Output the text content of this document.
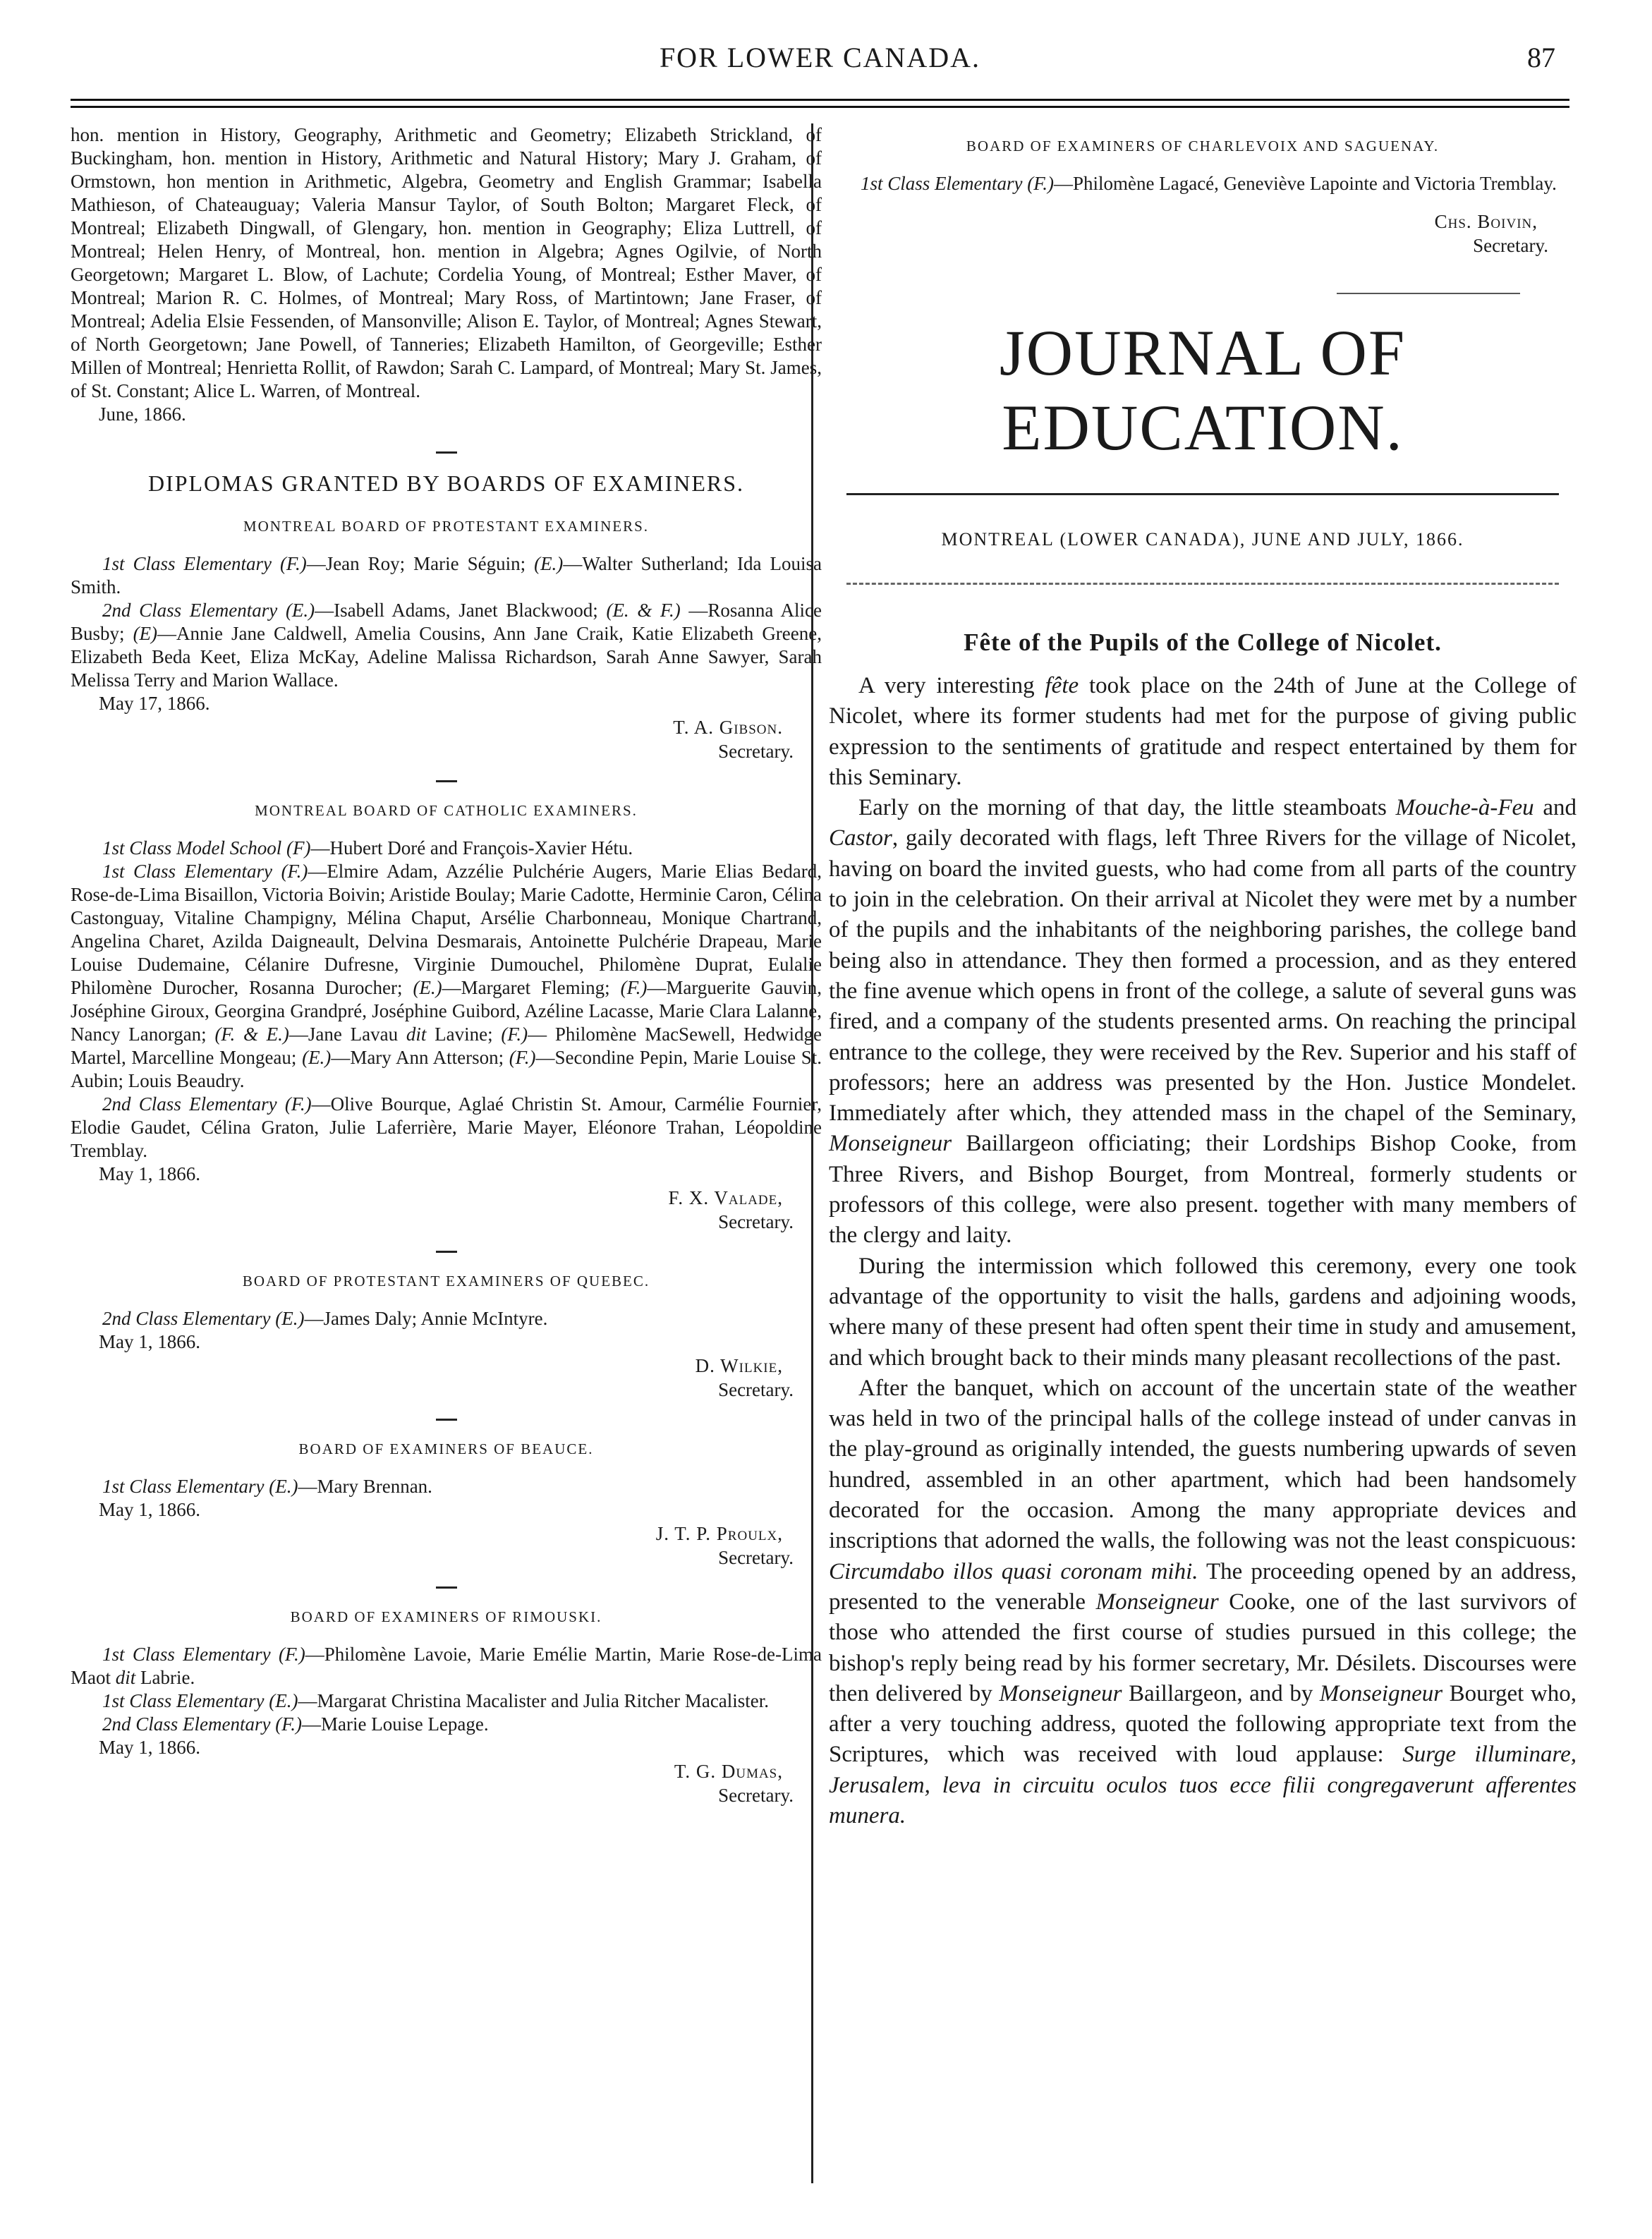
FOR LOWER CANADA.	87

hon. mention in History, Geography, Arithmetic and Geometry; Elizabeth Strickland, of Buckingham, hon. mention in History, Arithmetic and Natural History; Mary J. Graham, of Ormstown, hon mention in Arithmetic, Algebra, Geometry and English Grammar; Isabella Mathieson, of Chateauguay; Valeria Mansur Taylor, of South Bolton; Margaret Fleck, of Montreal; Elizabeth Dingwall, of Glengary, hon. mention in Geography; Eliza Luttrell, of Montreal; Helen Henry, of Montreal, hon. mention in Algebra; Agnes Ogilvie, of North Georgetown; Margaret L. Blow, of Lachute; Cordelia Young, of Montreal; Esther Maver, of Montreal; Marion R. C. Holmes, of Montreal; Mary Ross, of Martintown; Jane Fraser, of Montreal; Adelia Elsie Fessenden, of Mansonville; Alison E. Taylor, of Montreal; Agnes Stewart, of North Georgetown; Jane Powell, of Tanneries; Elizabeth Hamilton, of Georgeville; Esther Millen of Montreal; Henrietta Rollit, of Rawdon; Sarah C. Lampard, of Montreal; Mary St. James, of St. Constant; Alice L. Warren, of Montreal.

June, 1866.

DIPLOMAS GRANTED BY BOARDS OF EXAMINERS.
MONTREAL BOARD OF PROTESTANT EXAMINERS.

1st Class Elementary (F.)—Jean Roy; Marie Séguin; (E.)—Walter Sutherland; Ida Louisa Smith.

2nd Class Elementary (E.)—Isabell Adams, Janet Blackwood; (E. & F.) —Rosanna Alice Busby; (E)—Annie Jane Caldwell, Amelia Cousins, Ann Jane Craik, Katie Elizabeth Greene, Elizabeth Beda Keet, Eliza McKay, Adeline Malissa Richardson, Sarah Anne Sawyer, Sarah Melissa Terry and Marion Wallace.

May 17, 1866.

T. A. Gibson.

Secretary.

MONTREAL BOARD OF CATHOLIC EXAMINERS.

1st Class Model School (F)—Hubert Doré and François-Xavier Hétu.

1st Class Elementary (F.)—Elmire Adam, Azzélie Pulchérie Augers, Marie Elias Bedard, Rose-de-Lima Bisaillon, Victoria Boivin; Aristide Boulay; Marie Cadotte, Herminie Caron, Célina Castonguay, Vitaline Champigny, Mélina Chaput, Arsélie Charbonneau, Monique Chartrand, Angelina Charet, Azilda Daigneault, Delvina Desmarais, Antoinette Pulchérie Drapeau, Marie Louise Dudemaine, Célanire Dufresne, Virginie Dumouchel, Philomène Duprat, Eulalie Philomène Durocher, Rosanna Durocher; (E.)—Margaret Fleming; (F.)—Marguerite Gauvin, Joséphine Giroux, Georgina Grandpré, Joséphine Guibord, Azéline Lacasse, Marie Clara Lalanne, Nancy Lanorgan; (F. & E.)—Jane Lavau dit Lavine; (F.)— Philomène MacSewell, Hedwidge Martel, Marcelline Mongeau; (E.)—Mary Ann Atterson; (F.)—Secondine Pepin, Marie Louise St. Aubin; Louis Beaudry.

2nd Class Elementary (F.)—Olive Bourque, Aglaé Christin St. Amour, Carmélie Fournier, Elodie Gaudet, Célina Graton, Julie Laferrière, Marie Mayer, Eléonore Trahan, Léopoldine Tremblay.

May 1, 1866.

F. X. Valade,

Secretary.

BOARD OF PROTESTANT EXAMINERS OF QUEBEC.

2nd Class Elementary (E.)—James Daly; Annie McIntyre.

May 1, 1866.

D. Wilkie,

Secretary.

BOARD OF EXAMINERS OF BEAUCE.

1st Class Elementary (E.)—Mary Brennan.

May 1, 1866.

J. T. P. Proulx,

Secretary.

BOARD OF EXAMINERS OF RIMOUSKI.

1st Class Elementary (F.)—Philomène Lavoie, Marie Emélie Martin, Marie Rose-de-Lima Maot dit Labrie.

1st Class Elementary (E.)—Margarat Christina Macalister and Julia Ritcher Macalister.

2nd Class Elementary (F.)—Marie Louise Lepage.

May 1, 1866.

T. G. Dumas,

Secretary.

BOARD OF EXAMINERS OF CHARLEVOIX AND SAGUENAY.

1st Class Elementary (F.)—Philomène Lagacé, Geneviève Lapointe and Victoria Tremblay.

Chs. Boivin,

Secretary.

JOURNAL OF EDUCATION.
MONTREAL (LOWER CANADA), JUNE AND JULY, 1866.
Fête of the Pupils of the College of Nicolet.

A very interesting fête took place on the 24th of June at the College of Nicolet, where its former students had met for the purpose of giving public expression to the sentiments of gratitude and respect entertained by them for this Seminary.

Early on the morning of that day, the little steamboats Mouche-à-Feu and Castor, gaily decorated with flags, left Three Rivers for the village of Nicolet, having on board the invited guests, who had come from all parts of the country to join in the celebration. On their arrival at Nicolet they were met by a number of the pupils and the inhabitants of the neighboring parishes, the college band being also in attendance. They then formed a procession, and as they entered the fine avenue which opens in front of the college, a salute of several guns was fired, and a company of the students presented arms. On reaching the principal entrance to the college, they were received by the Rev. Superior and his staff of professors; here an address was presented by the Hon. Justice Mondelet. Immediately after which, they attended mass in the chapel of the Seminary, Monseigneur Baillargeon officiating; their Lordships Bishop Cooke, from Three Rivers, and Bishop Bourget, from Montreal, formerly students or professors of this college, were also present. together with many members of the clergy and laity.

During the intermission which followed this ceremony, every one took advantage of the opportunity to visit the halls, gardens and adjoining woods, where many of these present had often spent their time in study and amusement, and which brought back to their minds many pleasant recollections of the past.

After the banquet, which on account of the uncertain state of the weather was held in two of the principal halls of the college instead of under canvas in the play-ground as originally intended, the guests numbering upwards of seven hundred, assembled in an other apartment, which had been handsomely decorated for the occasion. Among the many appropriate devices and inscriptions that adorned the walls, the following was not the least conspicuous: Circumdabo illos quasi coronam mihi. The proceeding opened by an address, presented to the venerable Monseigneur Cooke, one of the last survivors of those who attended the first course of studies pursued in this college; the bishop's reply being read by his former secretary, Mr. Désilets. Discourses were then delivered by Monseigneur Baillargeon, and by Monseigneur Bourget who, after a very touching address, quoted the following appropriate text from the Scriptures, which was received with loud applause: Surge illuminare, Jerusalem, leva in circuitu oculos tuos ecce filii congregaverunt afferentes munera.
